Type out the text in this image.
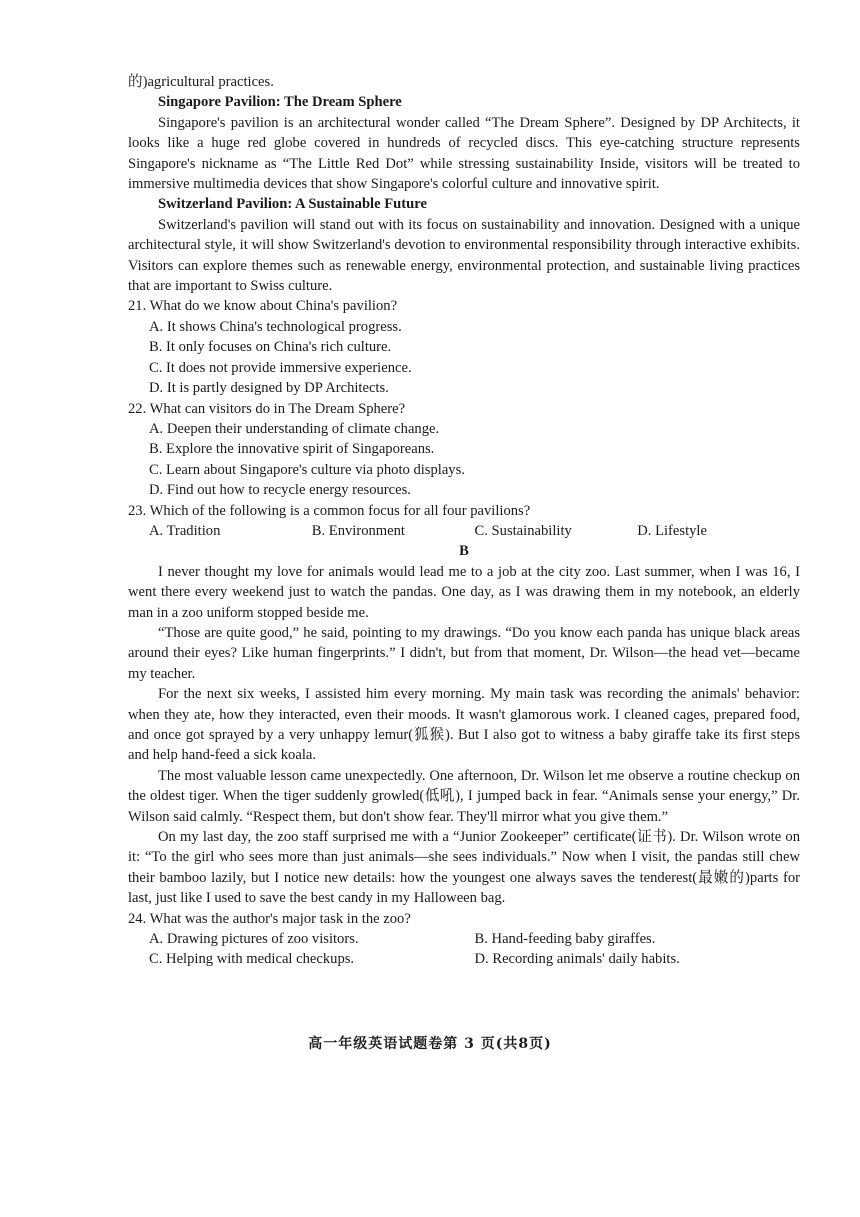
的)agricultural practices.

Singapore Pavilion: The Dream Sphere

Singapore's pavilion is an architectural wonder called “The Dream Sphere”. Designed by DP Architects, it looks like a huge red globe covered in hundreds of recycled discs. This eye-catching structure represents Singapore's nickname as “The Little Red Dot” while stressing sustainability Inside, visitors will be treated to immersive multimedia devices that show Singapore's colorful culture and innovative spirit.

Switzerland Pavilion: A Sustainable Future

Switzerland's pavilion will stand out with its focus on sustainability and innovation. Designed with a unique architectural style, it will show Switzerland's devotion to environmental responsibility through interactive exhibits. Visitors can explore themes such as renewable energy, environmental protection, and sustainable living practices that are important to Swiss culture.

21. What do we know about China's pavilion?

A. It shows China's technological progress.

B. It only focuses on China's rich culture.

C. It does not provide immersive experience.

D. It is partly designed by DP Architects.

22. What can visitors do in The Dream Sphere?

A. Deepen their understanding of climate change.

B. Explore the innovative spirit of Singaporeans.

C. Learn about Singapore's culture via photo displays.

D. Find out how to recycle energy resources.

23. Which of the following is a common focus for all four pavilions?

A. Tradition	B. Environment	C. Sustainability	D. Lifestyle

B

I never thought my love for animals would lead me to a job at the city zoo. Last summer, when I was 16, I went there every weekend just to watch the pandas. One day, as I was drawing them in my notebook, an elderly man in a zoo uniform stopped beside me.

“Those are quite good,” he said, pointing to my drawings. “Do you know each panda has unique black areas around their eyes? Like human fingerprints.” I didn't, but from that moment, Dr. Wilson—the head vet—became my teacher.

For the next six weeks, I assisted him every morning. My main task was recording the animals' behavior: when they ate, how they interacted, even their moods. It wasn't glamorous work. I cleaned cages, prepared food, and once got sprayed by a very unhappy lemur(狐猴). But I also got to witness a baby giraffe take its first steps and help hand-feed a sick koala.

The most valuable lesson came unexpectedly. One afternoon, Dr. Wilson let me observe a routine checkup on the oldest tiger. When the tiger suddenly growled(低吼), I jumped back in fear. “Animals sense your energy,” Dr. Wilson said calmly. “Respect them, but don't show fear. They'll mirror what you give them.”

On my last day, the zoo staff surprised me with a “Junior Zookeeper” certificate(证书). Dr. Wilson wrote on it: “To the girl who sees more than just animals—she sees individuals.” Now when I visit, the pandas still chew their bamboo lazily, but I notice new details: how the youngest one always saves the tenderest(最嫩的)parts for last, just like I used to save the best candy in my Halloween bag.

24. What was the author's major task in the zoo?

A. Drawing pictures of zoo visitors.	B. Hand-feeding baby giraffes.
C. Helping with medical checkups.	D. Recording animals' daily habits.
高一年级英语试题卷第 3 页(共8页)
